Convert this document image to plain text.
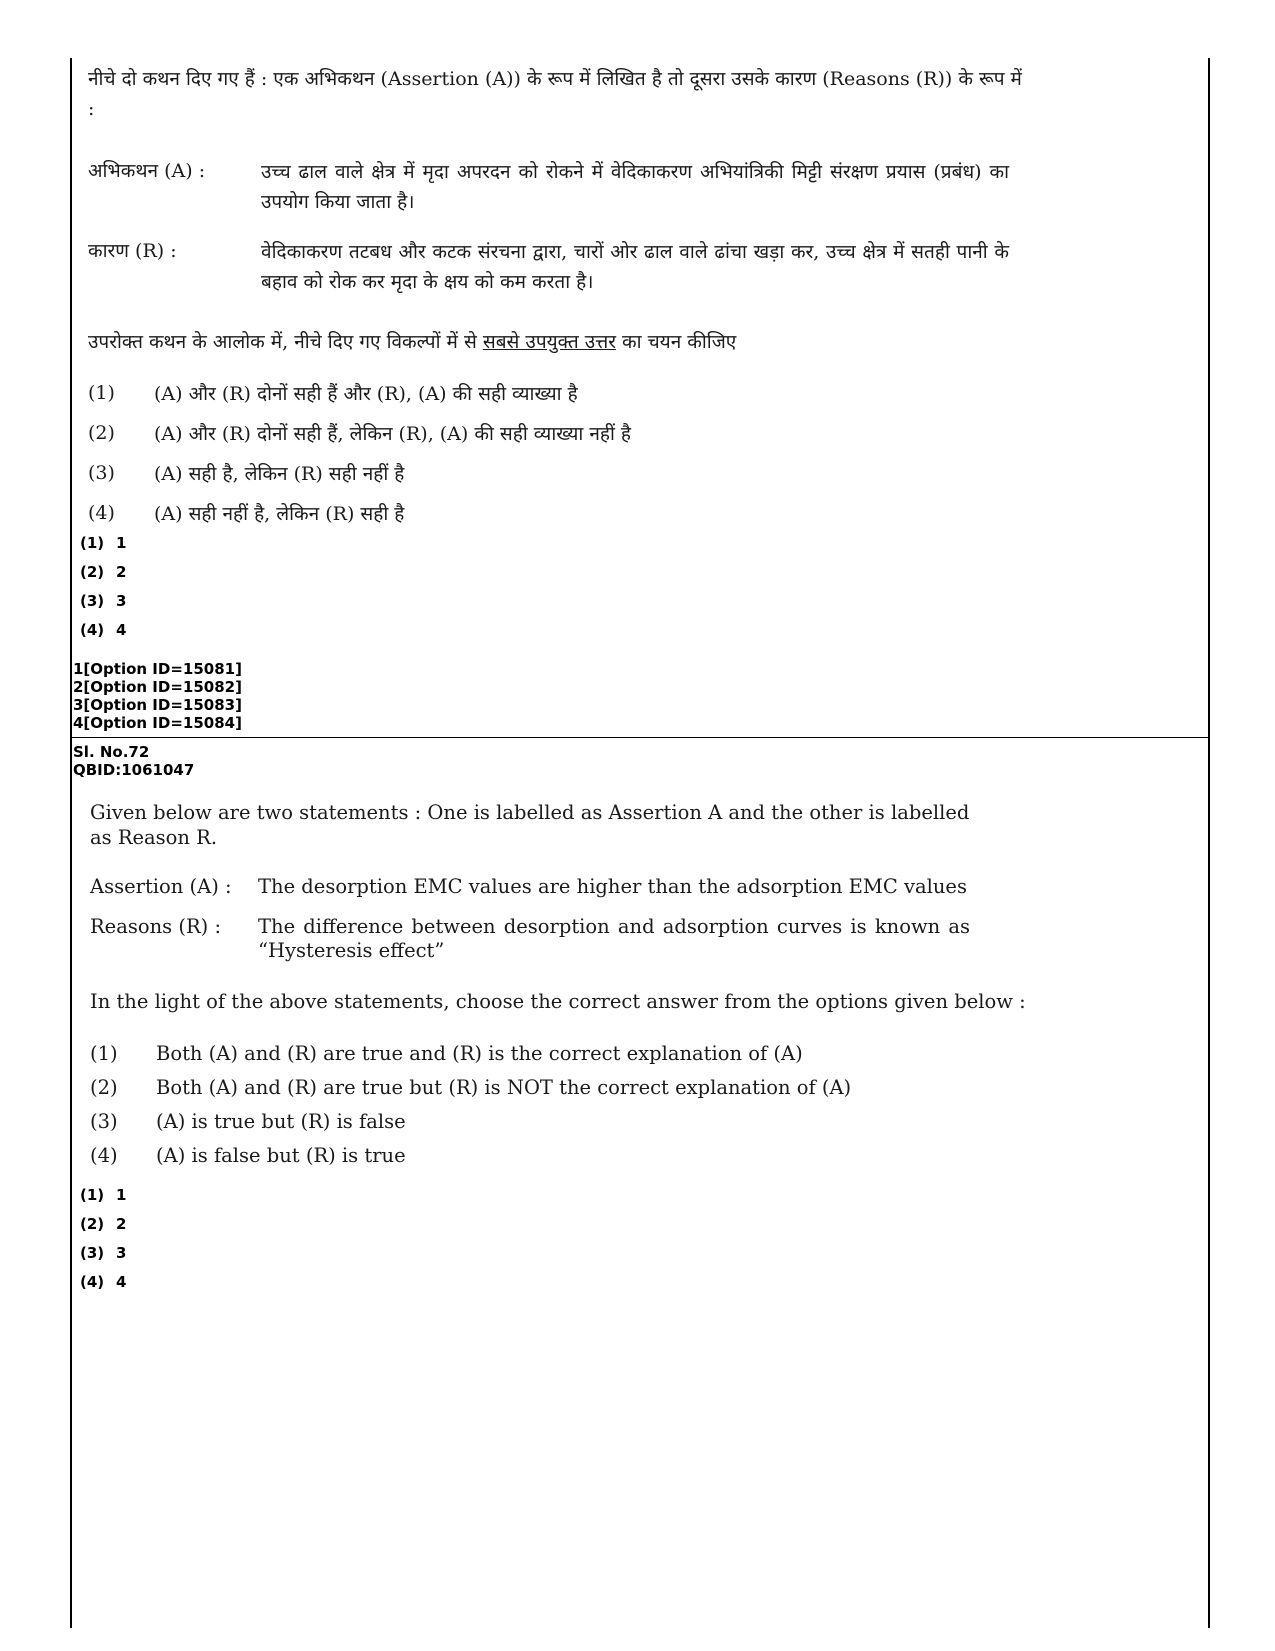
नीचे दो कथन दिए गए हैं : एक अभिकथन (Assertion (A)) के रूप में लिखित है तो दूसरा उसके कारण (Reasons (R)) के रूप में :
अभिकथन (A) :	उच्च ढाल वाले क्षेत्र में मृदा अपरदन को रोकने में वेदिकाकरण अभियांत्रिकी मिट्टी संरक्षण प्रयास (प्रबंध) का उपयोग किया जाता है।
कारण (R) :	वेदिकाकरण तटबध और कटक संरचना द्वारा, चारों ओर ढाल वाले ढांचा खड़ा कर, उच्च क्षेत्र में सतही पानी के बहाव को रोक कर मृदा के क्षय को कम करता है।
उपरोक्त कथन के आलोक में, नीचे दिए गए विकल्पों में से सबसे उपयुक्त उत्तर का चयन कीजिए
(1)	(A) और (R) दोनों सही हैं और (R), (A) की सही व्याख्या है
(2)	(A) और (R) दोनों सही हैं, लेकिन (R), (A) की सही व्याख्या नहीं है
(3)	(A) सही है, लेकिन (R) सही नहीं है
(4)	(A) सही नहीं है, लेकिन (R) सही है
(1) 1
(2) 2
(3) 3
(4) 4
1[Option ID=15081]
2[Option ID=15082]
3[Option ID=15083]
4[Option ID=15084]
Sl. No.72
QBID:1061047
Given below are two statements : One is labelled as Assertion A and the other is labelled as Reason R.
Assertion (A) :	The desorption EMC values are higher than the adsorption EMC values
Reasons (R) :	The difference between desorption and adsorption curves is known as “Hysteresis effect”
In the light of the above statements, choose the correct answer from the options given below :
(1)	Both (A) and (R) are true and (R) is the correct explanation of (A)
(2)	Both (A) and (R) are true but (R) is NOT the correct explanation of (A)
(3)	(A) is true but (R) is false
(4)	(A) is false but (R) is true
(1) 1
(2) 2
(3) 3
(4) 4
